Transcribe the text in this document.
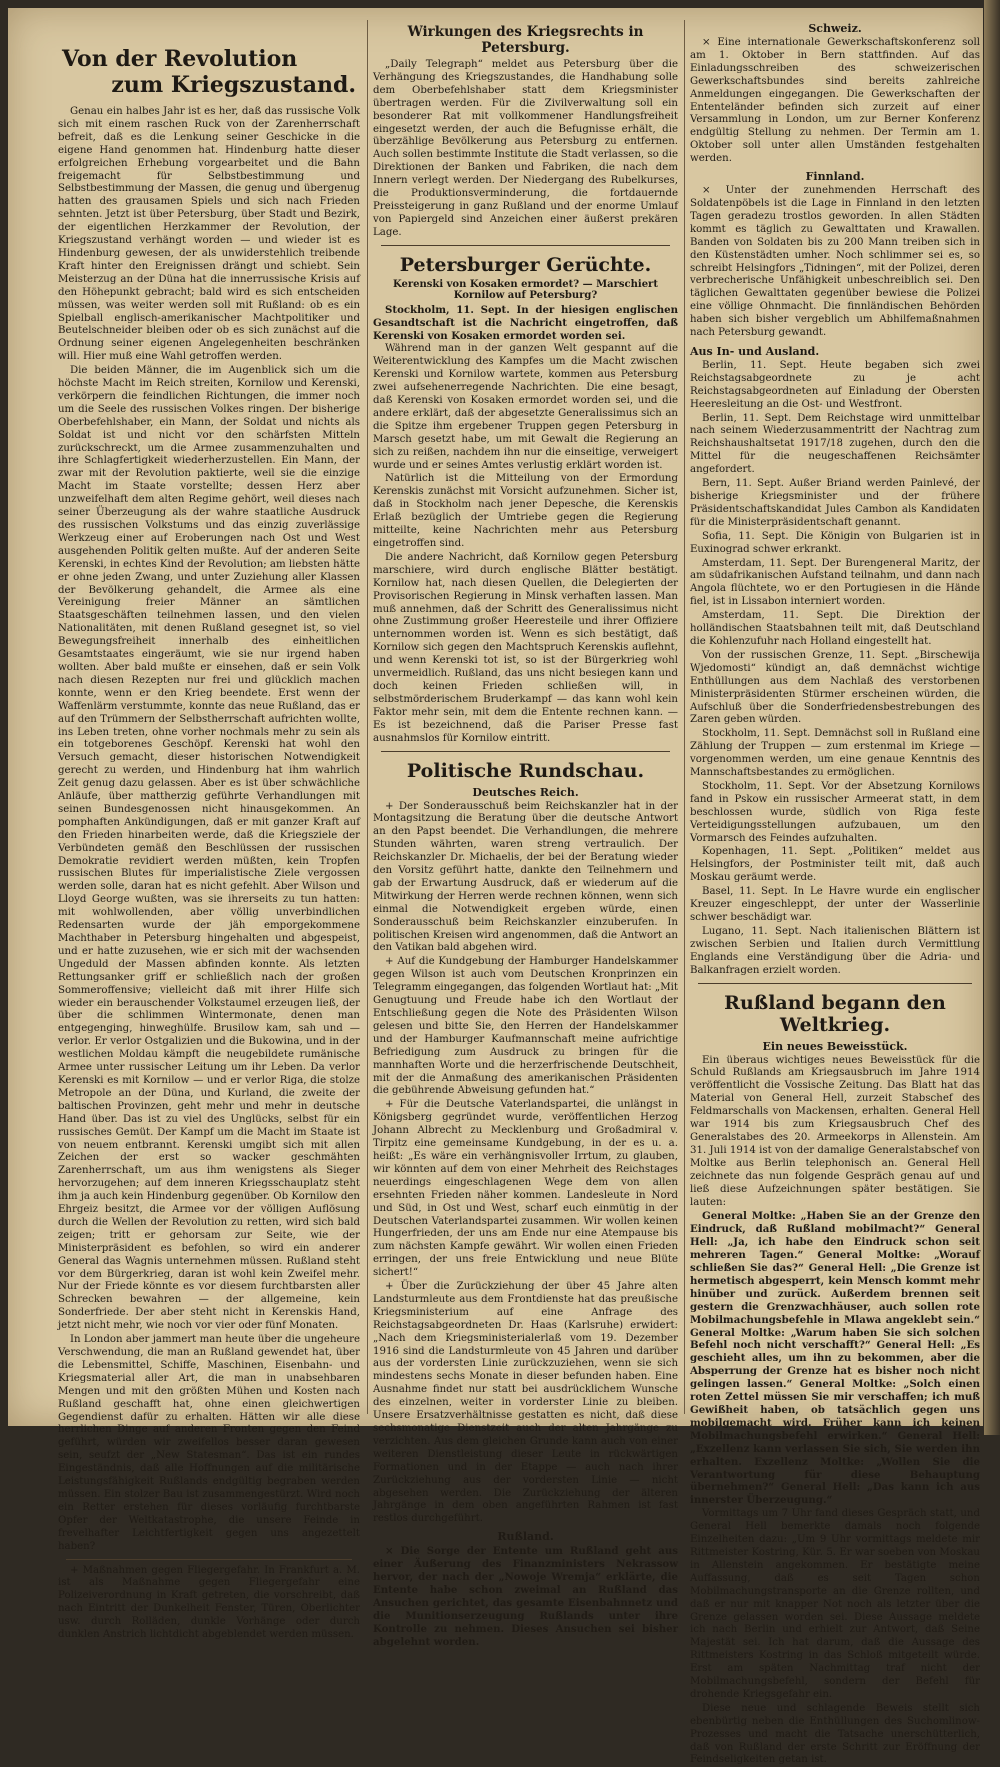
Von der Revolution
zum Kriegszustand.

Genau ein halbes Jahr ist es her, daß das russische Volk sich mit einem raschen Ruck von der Zarenherrschaft befreit, daß es die Lenkung seiner Geschicke in die eigene Hand genommen hat. Hindenburg hatte dieser erfolgreichen Erhebung vorgearbeitet und die Bahn freigemacht für Selbstbestimmung und Selbstbestimmung der Massen, die genug und übergenug hatten des grausamen Spiels und sich nach Frieden sehnten. Jetzt ist über Petersburg, über Stadt und Bezirk, der eigentlichen Herzkammer der Revolution, der Kriegszustand verhängt worden — und wieder ist es Hindenburg gewesen, der als unwiderstehlich treibende Kraft hinter den Ereignissen drängt und schiebt. Sein Meisterzug an der Düna hat die innerrussische Krisis auf den Höhepunkt gebracht; bald wird es sich entscheiden müssen, was weiter werden soll mit Rußland: ob es ein Spielball englisch-amerikanischer Machtpolitiker und Beutelschneider bleiben oder ob es sich zunächst auf die Ordnung seiner eigenen Angelegenheiten beschränken will. Hier muß eine Wahl getroffen werden.

Die beiden Männer, die im Augenblick sich um die höchste Macht im Reich streiten, Kornilow und Kerenski, verkörpern die feindlichen Richtungen, die immer noch um die Seele des russischen Volkes ringen. Der bisherige Oberbefehlshaber, ein Mann, der Soldat und nichts als Soldat ist und nicht vor den schärfsten Mitteln zurückschreckt, um die Armee zusammenzuhalten und ihre Schlagfertigkeit wiederherzustellen. Ein Mann, der zwar mit der Revolution paktierte, weil sie die einzige Macht im Staate vorstellte; dessen Herz aber unzweifelhaft dem alten Regime gehört, weil dieses nach seiner Überzeugung als der wahre staatliche Ausdruck des russischen Volkstums und das einzig zuverlässige Werkzeug einer auf Eroberungen nach Ost und West ausgehenden Politik gelten mußte. Auf der anderen Seite Kerenski, in echtes Kind der Revolution; am liebsten hätte er ohne jeden Zwang, und unter Zuziehung aller Klassen der Bevölkerung gehandelt, die Armee als eine Vereinigung freier Männer an sämtlichen Staatsgeschäften teilnehmen lassen, und den vielen Nationalitäten, mit denen Rußland gesegnet ist, so viel Bewegungsfreiheit innerhalb des einheitlichen Gesamtstaates eingeräumt, wie sie nur irgend haben wollten. Aber bald mußte er einsehen, daß er sein Volk nach diesen Rezepten nur frei und glücklich machen konnte, wenn er den Krieg beendete. Erst wenn der Waffenlärm verstummte, konnte das neue Rußland, das er auf den Trümmern der Selbstherrschaft aufrichten wollte, ins Leben treten, ohne vorher nochmals mehr zu sein als ein totgeborenes Geschöpf. Kerenski hat wohl den Versuch gemacht, dieser historischen Notwendigkeit gerecht zu werden, und Hindenburg hat ihm wahrlich Zeit genug dazu gelassen. Aber es ist über schwächliche Anläufe, über mattherzig geführte Verhandlungen mit seinen Bundesgenossen nicht hinausgekommen. An pomphaften Ankündigungen, daß er mit ganzer Kraft auf den Frieden hinarbeiten werde, daß die Kriegsziele der Verbündeten gemäß den Beschlüssen der russischen Demokratie revidiert werden müßten, kein Tropfen russischen Blutes für imperialistische Ziele vergossen werden solle, daran hat es nicht gefehlt. Aber Wilson und Lloyd George wußten, was sie ihrerseits zu tun hatten: mit wohlwollenden, aber völlig unverbindlichen Redensarten wurde der jäh emporgekommene Machthaber in Petersburg hingehalten und abgespeist, und er hatte zuzusehen, wie er sich mit der wachsenden Ungeduld der Massen abfinden konnte. Als letzten Rettungsanker griff er schließlich nach der großen Sommeroffensive; vielleicht daß mit ihrer Hilfe sich wieder ein berauschender Volkstaumel erzeugen ließ, der über die schlimmen Wintermonate, denen man entgegenging, hinweghülfe. Brusilow kam, sah und — verlor. Er verlor Ostgalizien und die Bukowina, und in der westlichen Moldau kämpft die neugebildete rumänische Armee unter russischer Leitung um ihr Leben. Da verlor Kerenski es mit Kornilow — und er verlor Riga, die stolze Metropole an der Düna, und Kurland, die zweite der baltischen Provinzen, geht mehr und mehr in deutsche Hand über. Das ist zu viel des Unglücks, selbst für ein russisches Gemüt. Der Kampf um die Macht im Staate ist von neuem entbrannt. Kerenski umgibt sich mit allen Zeichen der erst so wacker geschmähten Zarenherrschaft, um aus ihm wenigstens als Sieger hervorzugehen; auf dem inneren Kriegsschauplatz steht ihm ja auch kein Hindenburg gegenüber. Ob Kornilow den Ehrgeiz besitzt, die Armee vor der völligen Auflösung durch die Wellen der Revolution zu retten, wird sich bald zeigen; tritt er gehorsam zur Seite, wie der Ministerpräsident es befohlen, so wird ein anderer General das Wagnis unternehmen müssen. Rußland steht vor dem Bürgerkrieg, daran ist wohl kein Zweifel mehr. Nur der Friede könnte es vor diesem furchtbarsten aller Schrecken bewahren — der allgemeine, kein Sonderfriede. Der aber steht nicht in Kerenskis Hand, jetzt nicht mehr, wie noch vor vier oder fünf Monaten.

In London aber jammert man heute über die ungeheure Verschwendung, die man an Rußland gewendet hat, über die Lebensmittel, Schiffe, Maschinen, Eisenbahn- und Kriegsmaterial aller Art, die man in unabsehbaren Mengen und mit den größten Mühen und Kosten nach Rußland geschafft hat, ohne einen gleichwertigen Gegendienst dafür zu erhalten. Hätten wir alle diese herrlichen Dinge auf anderen Fronten gegen den Feind geführt, würden wir zweifellos besser daran gewesen sein, seufzt der „New Statesman“. Das ist ein rundes Eingeständnis, daß alle Hoffnungen auf die militärische Leistungsfähigkeit Rußlands endgültig begraben werden müssen. Ein stolzer Bau ist zusammengestürzt. Wird noch ein Retter erstehen für dieses vorläufig furchtbarste Opfer der Weltkatastrophe, die unsere Feinde in frevelhafter Leichtfertigkeit gegen uns angezettelt haben?

+ Maßnahmen gegen Fliegergefahr. In Frankfurt a. M. ist als Maßnahme gegen Fliegergefahr eine Polizeiverordnung in Kraft getreten, die vorschreibt, daß nach Eintritt der Dunkelheit Fenster, Türen, Oberlichter usw. durch Rolläden, dunkle Vorhänge oder durch dunklen Anstrich lichtdicht abgeblendet werden müssen.

Wirkungen des Kriegsrechts in Petersburg.

„Daily Telegraph“ meldet aus Petersburg über die Verhängung des Kriegszustandes, die Handhabung solle dem Oberbefehlshaber statt dem Kriegsminister übertragen werden. Für die Zivilverwaltung soll ein besonderer Rat mit vollkommener Handlungsfreiheit eingesetzt werden, der auch die Befugnisse erhält, die überzählige Bevölkerung aus Petersburg zu entfernen. Auch sollen bestimmte Institute die Stadt verlassen, so die Direktionen der Banken und Fabriken, die nach dem Innern verlegt werden. Der Niedergang des Rubelkurses, die Produktionsverminderung, die fortdauernde Preissteigerung in ganz Rußland und der enorme Umlauf von Papiergeld sind Anzeichen einer äußerst prekären Lage.

Petersburger Gerüchte.
Kerenski von Kosaken ermordet? — Marschiert Kornilow auf Petersburg?

Stockholm, 11. Sept. In der hiesigen englischen Gesandtschaft ist die Nachricht eingetroffen, daß Kerenski von Kosaken ermordet worden sei.

Während man in der ganzen Welt gespannt auf die Weiterentwicklung des Kampfes um die Macht zwischen Kerenski und Kornilow wartete, kommen aus Petersburg zwei aufsehenerregende Nachrichten. Die eine besagt, daß Kerenski von Kosaken ermordet worden sei, und die andere erklärt, daß der abgesetzte Generalissimus sich an die Spitze ihm ergebener Truppen gegen Petersburg in Marsch gesetzt habe, um mit Gewalt die Regierung an sich zu reißen, nachdem ihn nur die einseitige, verweigert wurde und er seines Amtes verlustig erklärt worden ist.

Natürlich ist die Mitteilung von der Ermordung Kerenskis zunächst mit Vorsicht aufzunehmen. Sicher ist, daß in Stockholm nach jener Depesche, die Kerenskis Erlaß bezüglich der Umtriebe gegen die Regierung mitteilte, keine Nachrichten mehr aus Petersburg eingetroffen sind.

Die andere Nachricht, daß Kornilow gegen Petersburg marschiere, wird durch englische Blätter bestätigt. Kornilow hat, nach diesen Quellen, die Delegierten der Provisorischen Regierung in Minsk verhaften lassen. Man muß annehmen, daß der Schritt des Generalissimus nicht ohne Zustimmung großer Heeresteile und ihrer Offiziere unternommen worden ist. Wenn es sich bestätigt, daß Kornilow sich gegen den Machtspruch Kerenskis auflehnt, und wenn Kerenski tot ist, so ist der Bürgerkrieg wohl unvermeidlich. Rußland, das uns nicht besiegen kann und doch keinen Frieden schließen will, in selbstmörderischem Bruderkampf — das kann wohl kein Faktor mehr sein, mit dem die Entente rechnen kann. — Es ist bezeichnend, daß die Pariser Presse fast ausnahmslos für Kornilow eintritt.

Politische Rundschau.
Deutsches Reich.

+ Der Sonderausschuß beim Reichskanzler hat in der Montagsitzung die Beratung über die deutsche Antwort an den Papst beendet. Die Verhandlungen, die mehrere Stunden währten, waren streng vertraulich. Der Reichskanzler Dr. Michaelis, der bei der Beratung wieder den Vorsitz geführt hatte, dankte den Teilnehmern und gab der Erwartung Ausdruck, daß er wiederum auf die Mitwirkung der Herren werde rechnen können, wenn sich einmal die Notwendigkeit ergeben würde, einen Sonderausschuß beim Reichskanzler einzuberufen. In politischen Kreisen wird angenommen, daß die Antwort an den Vatikan bald abgehen wird.

+ Auf die Kundgebung der Hamburger Handelskammer gegen Wilson ist auch vom Deutschen Kronprinzen ein Telegramm eingegangen, das folgenden Wortlaut hat: „Mit Genugtuung und Freude habe ich den Wortlaut der Entschließung gegen die Note des Präsidenten Wilson gelesen und bitte Sie, den Herren der Handelskammer und der Hamburger Kaufmannschaft meine aufrichtige Befriedigung zum Ausdruck zu bringen für die mannhaften Worte und die herzerfrischende Deutschheit, mit der die Anmaßung des amerikanischen Präsidenten die gebührende Abweisung gefunden hat.“

+ Für die Deutsche Vaterlandspartei, die unlängst in Königsberg gegründet wurde, veröffentlichen Herzog Johann Albrecht zu Mecklenburg und Großadmiral v. Tirpitz eine gemeinsame Kundgebung, in der es u. a. heißt: „Es wäre ein verhängnisvoller Irrtum, zu glauben, wir könnten auf dem von einer Mehrheit des Reichstages neuerdings eingeschlagenen Wege dem von allen ersehnten Frieden näher kommen. Landesleute in Nord und Süd, in Ost und West, scharf euch einmütig in der Deutschen Vaterlandspartei zusammen. Wir wollen keinen Hungerfrieden, der uns am Ende nur eine Atempause bis zum nächsten Kampfe gewährt. Wir wollen einen Frieden erringen, der uns freie Entwicklung und neue Blüte sichert!“

+ Über die Zurückziehung der über 45 Jahre alten Landsturmleute aus dem Frontdienste hat das preußische Kriegsministerium auf eine Anfrage des Reichstagsabgeordneten Dr. Haas (Karlsruhe) erwidert: „Nach dem Kriegsministerialerlaß vom 19. Dezember 1916 sind die Landsturmleute von 45 Jahren und darüber aus der vordersten Linie zurückzuziehen, wenn sie sich mindestens sechs Monate in dieser befunden haben. Eine Ausnahme findet nur statt bei ausdrücklichem Wunsche des einzelnen, weiter in vorderster Linie zu bleiben. Unsere Ersatzverhältnisse gestatten es nicht, daß diese sechsmonatige Dienstzeit auch der alten Jahrgänge zu verzichten. Aus dem gleichen Grunde kann auch von einer weiteren Dienstleistung dieser Leute in rückwärtigen Formationen und in der Etappe — auch nach ihrer Zurückziehung aus der vordersten Linie — nicht abgesehen werden. Die Zurückziehung der älteren Jahrgänge in dem oben angeführten Rahmen ist fast restlos durchgeführt.

Rußland.

× Die Sorge der Entente um Rußland geht aus einer Äußerung des Finanzministers Nekrassow hervor, der nach der „Nowoje Wremja“ erklärte, die Entente habe schon zweimal an Rußland das Ansuchen gerichtet, das gesamte Eisenbahnnetz und die Munitionserzeugung Rußlands unter ihre Kontrolle zu nehmen. Dieses Ansuchen sei bisher abgelehnt worden.

Schweiz.

× Eine internationale Gewerkschaftskonferenz soll am 1. Oktober in Bern stattfinden. Auf das Einladungsschreiben des schweizerischen Gewerkschaftsbundes sind bereits zahlreiche Anmeldungen eingegangen. Die Gewerkschaften der Ententeländer befinden sich zurzeit auf einer Versammlung in London, um zur Berner Konferenz endgültig Stellung zu nehmen. Der Termin am 1. Oktober soll unter allen Umständen festgehalten werden.

Finnland.

× Unter der zunehmenden Herrschaft des Soldatenpöbels ist die Lage in Finnland in den letzten Tagen geradezu trostlos geworden. In allen Städten kommt es täglich zu Gewalttaten und Krawallen. Banden von Soldaten bis zu 200 Mann treiben sich in den Küstenstädten umher. Noch schlimmer sei es, so schreibt Helsingfors „Tidningen“, mit der Polizei, deren verbrecherische Unfähigkeit unbeschreiblich sei. Den täglichen Gewalttaten gegenüber bewiese die Polizei eine völlige Ohnmacht. Die finnländischen Behörden haben sich bisher vergeblich um Abhilfemaßnahmen nach Petersburg gewandt.

Aus In- und Ausland.

Berlin, 11. Sept. Heute begaben sich zwei Reichstagsabgeordnete zu je acht Reichstagsabgeordneten auf Einladung der Obersten Heeresleitung an die Ost- und Westfront.

Berlin, 11. Sept. Dem Reichstage wird unmittelbar nach seinem Wiederzusammentritt der Nachtrag zum Reichshaushaltsetat 1917/18 zugehen, durch den die Mittel für die neugeschaffenen Reichsämter angefordert.

Bern, 11. Sept. Außer Briand werden Painlevé, der bisherige Kriegsminister und der frühere Präsidentschaftskandidat Jules Cambon als Kandidaten für die Ministerpräsidentschaft genannt.

Sofia, 11. Sept. Die Königin von Bulgarien ist in Euxinograd schwer erkrankt.

Amsterdam, 11. Sept. Der Burengeneral Maritz, der am südafrikanischen Aufstand teilnahm, und dann nach Angola flüchtete, wo er den Portugiesen in die Hände fiel, ist in Lissabon interniert worden.

Amsterdam, 11. Sept. Die Direktion der holländischen Staatsbahnen teilt mit, daß Deutschland die Kohlenzufuhr nach Holland eingestellt hat.

Von der russischen Grenze, 11. Sept. „Birschewija Wjedomosti“ kündigt an, daß demnächst wichtige Enthüllungen aus dem Nachlaß des verstorbenen Ministerpräsidenten Stürmer erscheinen würden, die Aufschluß über die Sonderfriedensbestrebungen des Zaren geben würden.

Stockholm, 11. Sept. Demnächst soll in Rußland eine Zählung der Truppen — zum erstenmal im Kriege — vorgenommen werden, um eine genaue Kenntnis des Mannschaftsbestandes zu ermöglichen.

Stockholm, 11. Sept. Vor der Absetzung Kornilows fand in Pskow ein russischer Armeerat statt, in dem beschlossen wurde, südlich von Riga feste Verteidigungsstellungen aufzubauen, um den Vormarsch des Feindes aufzuhalten.

Kopenhagen, 11. Sept. „Politiken“ meldet aus Helsingfors, der Postminister teilt mit, daß auch Moskau geräumt werde.

Basel, 11. Sept. In Le Havre wurde ein englischer Kreuzer eingeschleppt, der unter der Wasserlinie schwer beschädigt war.

Lugano, 11. Sept. Nach italienischen Blättern ist zwischen Serbien und Italien durch Vermittlung Englands eine Verständigung über die Adria- und Balkanfragen erzielt worden.

Rußland begann den Weltkrieg.
Ein neues Beweisstück.

Ein überaus wichtiges neues Beweisstück für die Schuld Rußlands am Kriegsausbruch im Jahre 1914 veröffentlicht die Vossische Zeitung. Das Blatt hat das Material von General Hell, zurzeit Stabschef des Feldmarschalls von Mackensen, erhalten. General Hell war 1914 bis zum Kriegsausbruch Chef des Generalstabes des 20. Armeekorps in Allenstein. Am 31. Juli 1914 ist von der damalige Generalstabschef von Moltke aus Berlin telephonisch an. General Hell zeichnete das nun folgende Gespräch genau auf und ließ diese Aufzeichnungen später bestätigen. Sie lauten:

General Moltke: „Haben Sie an der Grenze den Eindruck, daß Rußland mobilmacht?“ General Hell: „Ja, ich habe den Eindruck schon seit mehreren Tagen.“ General Moltke: „Worauf schließen Sie das?“ General Hell: „Die Grenze ist hermetisch abgesperrt, kein Mensch kommt mehr hinüber und zurück. Außerdem brennen seit gestern die Grenzwachhäuser, auch sollen rote Mobilmachungsbefehle in Mlawa angeklebt sein.“ General Moltke: „Warum haben Sie sich solchen Befehl noch nicht verschafft?“ General Hell: „Es geschieht alles, um ihn zu bekommen, aber die Absperrung der Grenze hat es bisher noch nicht gelingen lassen.“ General Moltke: „Solch einen roten Zettel müssen Sie mir verschaffen; ich muß Gewißheit haben, ob tatsächlich gegen uns mobilgemacht wird. Früher kann ich keinen Mobilmachungsbefehl erwirken.“ General Hell: „Exzellenz kann verlassen Sie sich, Sie werden ihn erhalten. Exzellenz Moltke: „Wollen Sie die Verantwortung für diese Behauptung übernehmen?“ General Hell: „Das kann ich aus innerster Überzeugung.“

Vormittags um 7 Uhr fand dieses Gespräch statt, und General Hell bemerkte damals noch folgende Einzelheiten dazu: „Um 9 Uhr vormittags meldete mir Rittmeister Kostring, Kür. 5. Er war soeben von Moskau in Allenstein angekommen. Er bestätigte meine Auffassung, daß es seit Tagen schon Mobilmachungstransporte an die Grenze rollten, und daß er nur mit knapper Not noch als letzter über die Grenze gelassen worden sei. Diese Aussage meldete ich nach Berlin und erhielt zur Antwort, daß Seine Majestät sei. Ich hat darum, daß die Aussage des Rittmeisters Kostring in das Schloß mitgeteilt würde. Erst am späten Nachmittag traf nicht der Mobilmachungsbefehl, sondern der Befehl für drohende Kriegsgefahr ein.

Diese neue und schlagende Beweis stellt sich ebenbürtig neben die Enthüllungen des Suchomlinow-Prozesses und macht die Tatsache unerschütterlich, daß von Rußland der erste Schritt zur Eröffnung der Feindseligkeiten getan ist.
